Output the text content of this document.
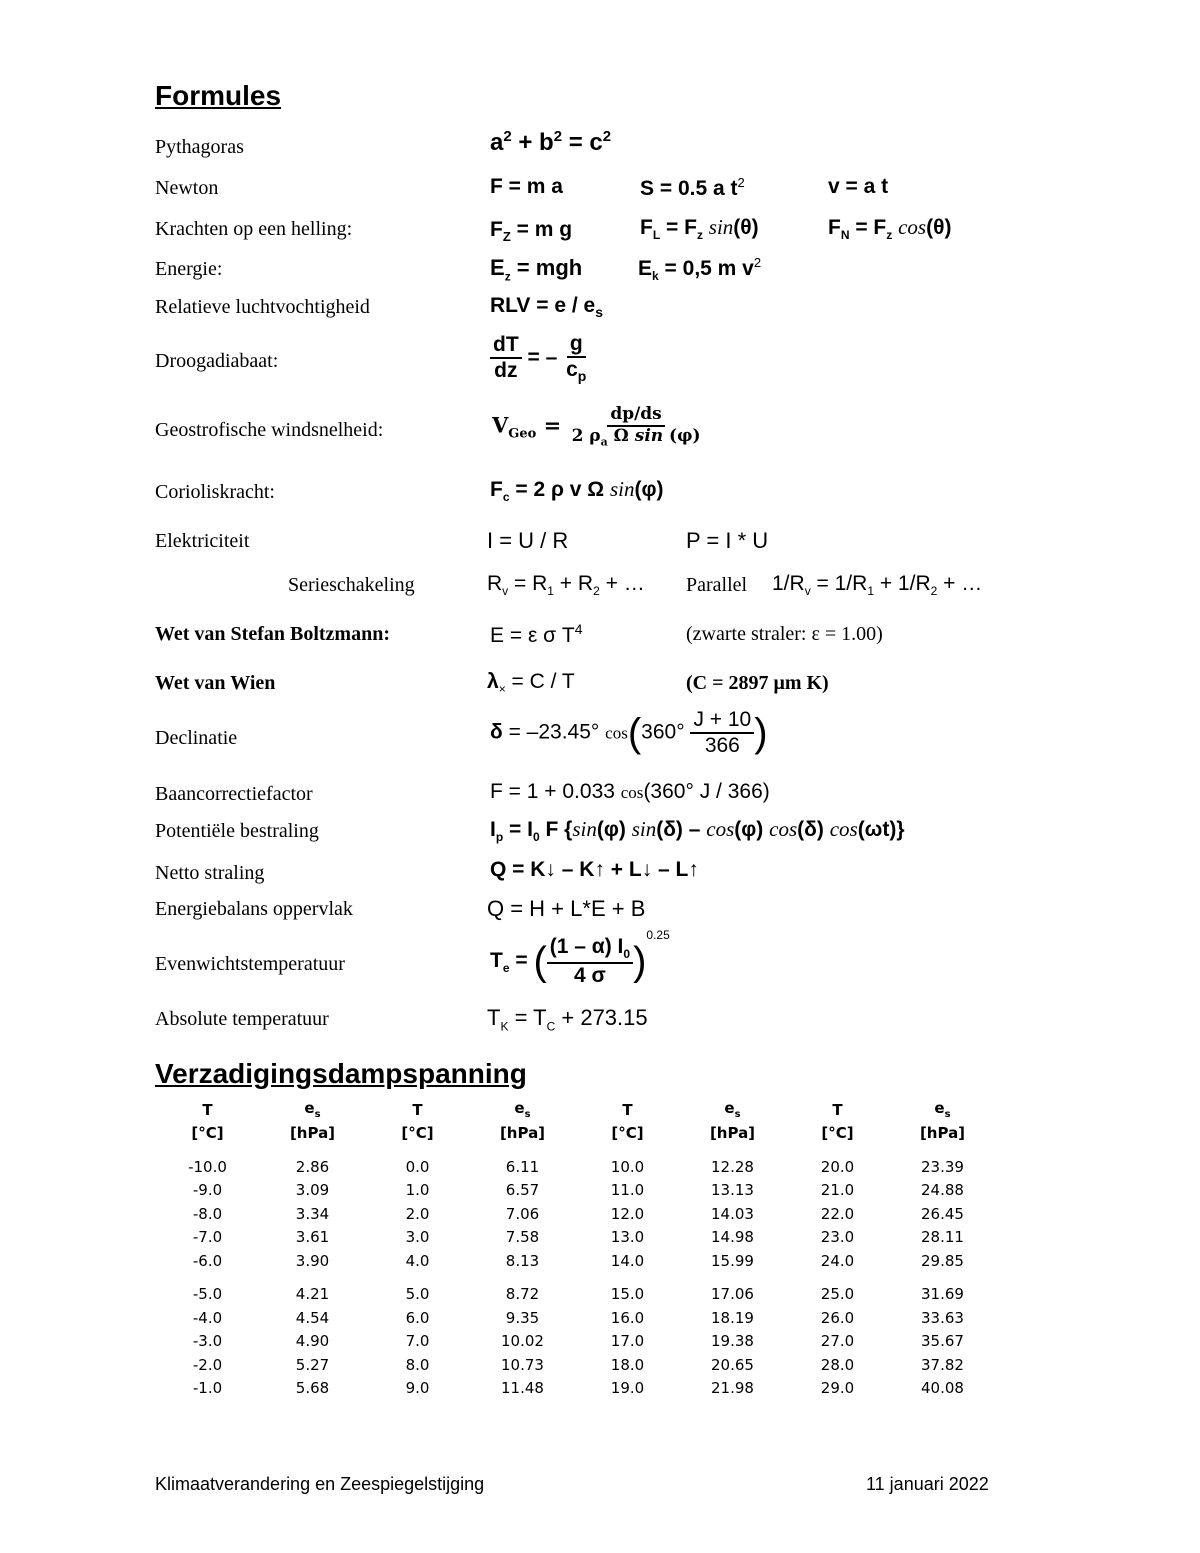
Formules
Pythagoras	$a^2 + b^2 = c^2$
Newton	F = m a	S = 0.5 a $t^2$	v = a t
Krachten op een helling:	$F_Z = m$ g	$F_L = F_z$ sin(θ)	$F_N = F_z$ cos(θ)
Energie:	$E_z$ = mgh	$E_k = 0,5$ m $v^2$
Relatieve luchtvochtigheid	RLV = e / $e_s$
Droogadiabaat:	$\frac{dT}{dz}$ = – $\frac{g}{c_p}$
Geostrofische windsnelheid:	$V_{Geo} = \frac{dp/ds}{2 \rho_a \Omega \sin (\varphi)}$
Corioliskracht:	$F_c = 2$ ρ v Ω sin(φ)
Elektriciteit	I = U / R	P = I * U
Serieschakeling	$R_v = R_1 + R_2$ + … Parallel $1/R_v = 1/R_1 + 1/R_2$ + …
Wet van Stefan Boltzmann:	E = ε σ $T^4$	(zwarte straler: ε = 1.00)
Wet van Wien	$\lambda_\times = C / T$	(C = 2897 μm K)
Declinatie	δ = –23.45° $\cos(360^\circ \frac{J + 10}{366}$ )
Baancorrectiefactor	F = 1 + 0.033 cos(360° J / 366)
Potentiële bestraling	$I_p = I_0$ F {sin(φ) sin(δ) – cos(φ) cos(δ) cos(ωt)}
Netto straling	Q = K↓ – K↑ + L↓ – L↑
Energiebalans oppervlak	Q = H + L*E + B
Evenwichtstemperatuur	$T_e$ = ( $\frac{(1 - \alpha) I_0}{4 \sigma} )^{0.25}$
Absolute temperatuur	$T_K = T_C + 273.15$
Verzadigingsdampspanning
T	$e_s$	T	$e_s$	T	$e_s$	T	$e_s$
[°C]	[hPa]	[°C]	[hPa]	[°C]	[hPa]	[°C]	[hPa]

-10.0	2.86	0.0	6.11	10.0	12.28	20.0	23.39
-9.0	3.09	1.0	6.57	11.0	13.13	21.0	24.88
-8.0	3.34	2.0	7.06	12.0	14.03	22.0	26.45
-7.0	3.61	3.0	7.58	13.0	14.98	23.0	28.11
-6.0	3.90	4.0	8.13	14.0	15.99	24.0	29.85

-5.0	4.21	5.0	8.72	15.0	17.06	25.0	31.69
-4.0	4.54	6.0	9.35	16.0	18.19	26.0	33.63
-3.0	4.90	7.0	10.02	17.0	19.38	27.0	35.67
-2.0	5.27	8.0	10.73	18.0	20.65	28.0	37.82
-1.0	5.68	9.0	11.48	19.0	21.98	29.0	40.08
Klimaatverandering en Zeespiegelstijging	11 januari 2022
